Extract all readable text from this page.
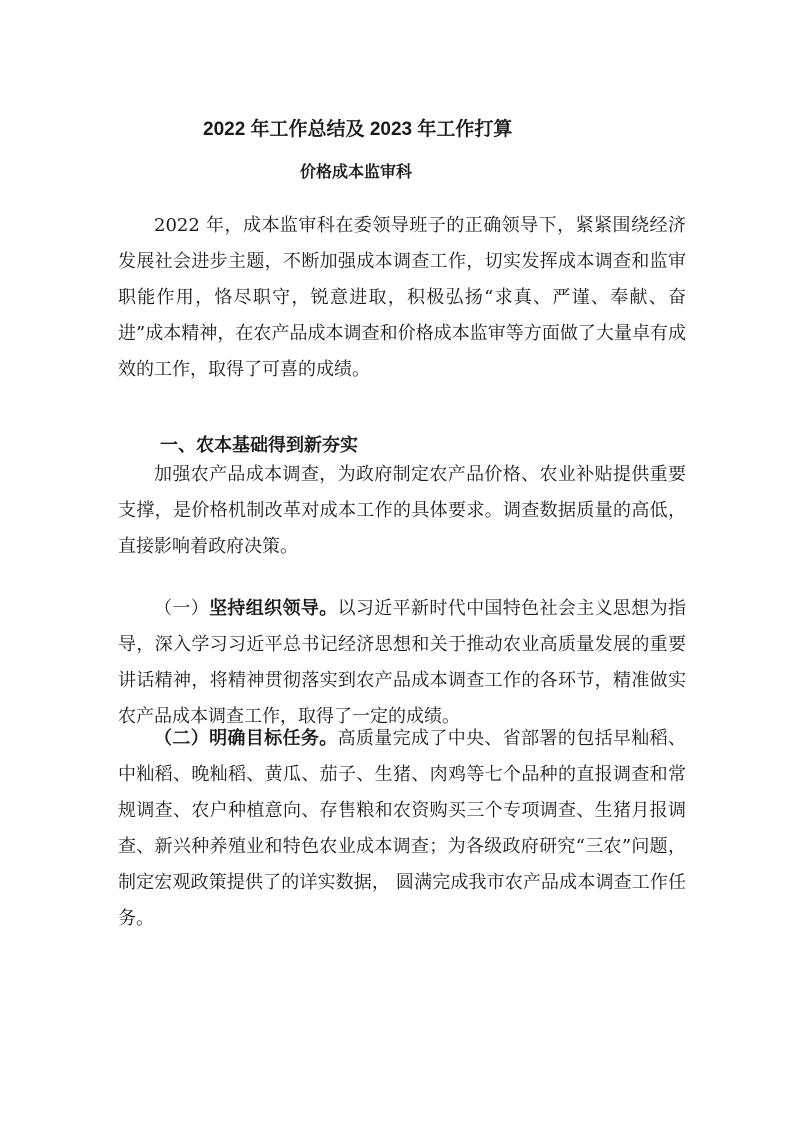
2022 年工作总结及 2023 年工作打算
价格成本监审科

2022 年，成本监审科在委领导班子的正确领导下，紧紧围绕经济发展社会进步主题，不断加强成本调查工作，切实发挥成本调查和监审职能作用，恪尽职守，锐意进取，积极弘扬“求真、严谨、奉献、奋进”成本精神，在农产品成本调查和价格成本监审等方面做了大量卓有成效的工作，取得了可喜的成绩。

一、农本基础得到新夯实

加强农产品成本调查，为政府制定农产品价格、农业补贴提供重要支撑，是价格机制改革对成本工作的具体要求。调查数据质量的高低，直接影响着政府决策。

（一）坚持组织领导。以习近平新时代中国特色社会主义思想为指导，深入学习习近平总书记经济思想和关于推动农业高质量发展的重要讲话精神，将精神贯彻落实到农产品成本调查工作的各环节，精准做实农产品成本调查工作，取得了一定的成绩。

（二）明确目标任务。高质量完成了中央、省部署的包括早籼稻、中籼稻、晚籼稻、黄瓜、茄子、生猪、肉鸡等七个品种的直报调查和常规调查、农户种植意向、存售粮和农资购买三个专项调查、生猪月报调查、新兴种养殖业和特色农业成本调查；为各级政府研究“三农”问题，制定宏观政策提供了的详实数据， 圆满完成我市农产品成本调查工作任务。
